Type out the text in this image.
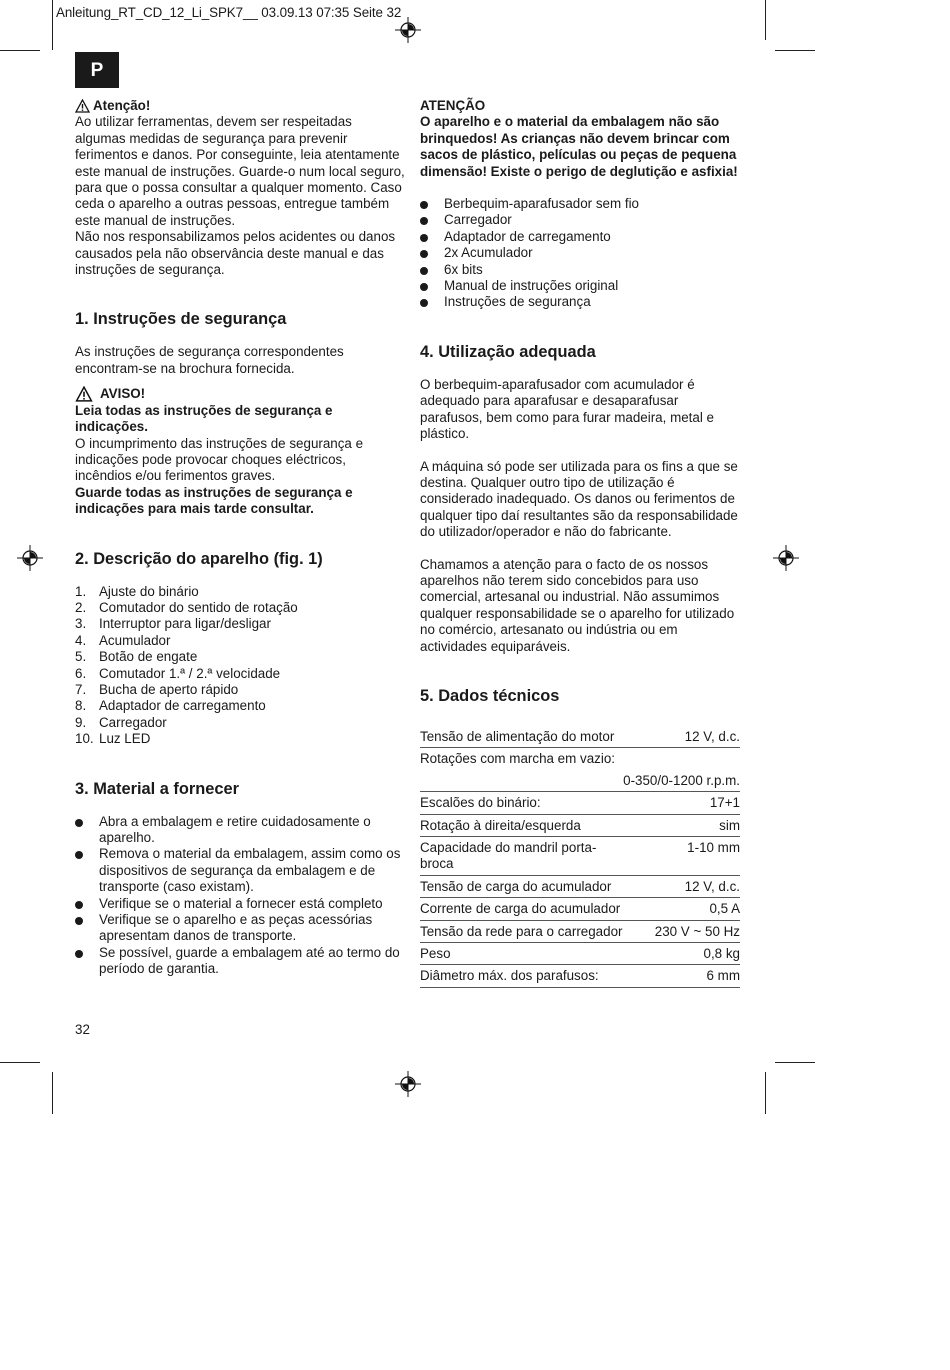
Anleitung_RT_CD_12_Li_SPK7__ 03.09.13 07:35 Seite 32
P
Atenção!

Ao utilizar ferramentas, devem ser respeitadas algumas medidas de segurança para prevenir ferimentos e danos. Por conseguinte, leia atentamente este manual de instruções. Guarde-o num local seguro, para que o possa consultar a qualquer momento. Caso ceda o aparelho a outras pessoas, entregue também este manual de instruções.

Não nos responsabilizamos pelos acidentes ou danos causados pela não observância deste manual e das instruções de segurança.

1. Instruções de segurança

As instruções de segurança correspondentes encontram-se na brochura fornecida.

AVISO!

Leia todas as instruções de segurança e indicações.

O incumprimento das instruções de segurança e indicações pode provocar choques eléctricos, incêndios e/ou ferimentos graves.

Guarde todas as instruções de segurança e indicações para mais tarde consultar.

2. Descrição do aparelho (fig. 1)
1. Ajuste do binário
2. Comutador do sentido de rotação
3. Interruptor para ligar/desligar
4. Acumulador
5. Botão de engate
6. Comutador 1.ª / 2.ª velocidade
7. Bucha de aperto rápido
8. Adaptador de carregamento
9. Carregador
10. Luz LED
3. Material a fornecer
Abra a embalagem e retire cuidadosamente o aparelho.
Remova o material da embalagem, assim como os dispositivos de segurança da embalagem e de transporte (caso existam).
Verifique se o material a fornecer está completo
Verifique se o aparelho e as peças acessórias apresentam danos de transporte.
Se possível, guarde a embalagem até ao termo do período de garantia.

ATENÇÃO

O aparelho e o material da embalagem não são brinquedos! As crianças não devem brincar com sacos de plástico, películas ou peças de pequena dimensão! Existe o perigo de deglutição e asfixia!

Berbequim-aparafusador sem fio
Carregador
Adaptador de carregamento
2x Acumulador
6x bits
Manual de instruções original
Instruções de segurança
4. Utilização adequada

O berbequim-aparafusador com acumulador é adequado para aparafusar e desaparafusar parafusos, bem como para furar madeira, metal e plástico.

A máquina só pode ser utilizada para os fins a que se destina. Qualquer outro tipo de utilização é considerado inadequado. Os danos ou ferimentos de qualquer tipo daí resultantes são da responsabilidade do utilizador/operador e não do fabricante.

Chamamos a atenção para o facto de os nossos aparelhos não terem sido concebidos para uso comercial, artesanal ou industrial. Não assumimos qualquer responsabilidade se o aparelho for utilizado no comércio, artesanato ou indústria ou em actividades equiparáveis.

5. Dados técnicos
Tensão de alimentação do motor	12 V, d.c.
Rotações com marcha em vazio:	
	0-350/0-1200 r.p.m.
Escalões do binário:	17+1
Rotação à direita/esquerda	sim
Capacidade do mandril porta-broca	1-10 mm
Tensão de carga do acumulador	12 V, d.c.
Corrente de carga do acumulador	0,5 A
Tensão da rede para o carregador	230 V ~ 50 Hz
Peso	0,8 kg
Diâmetro máx. dos parafusos:	6 mm
32
